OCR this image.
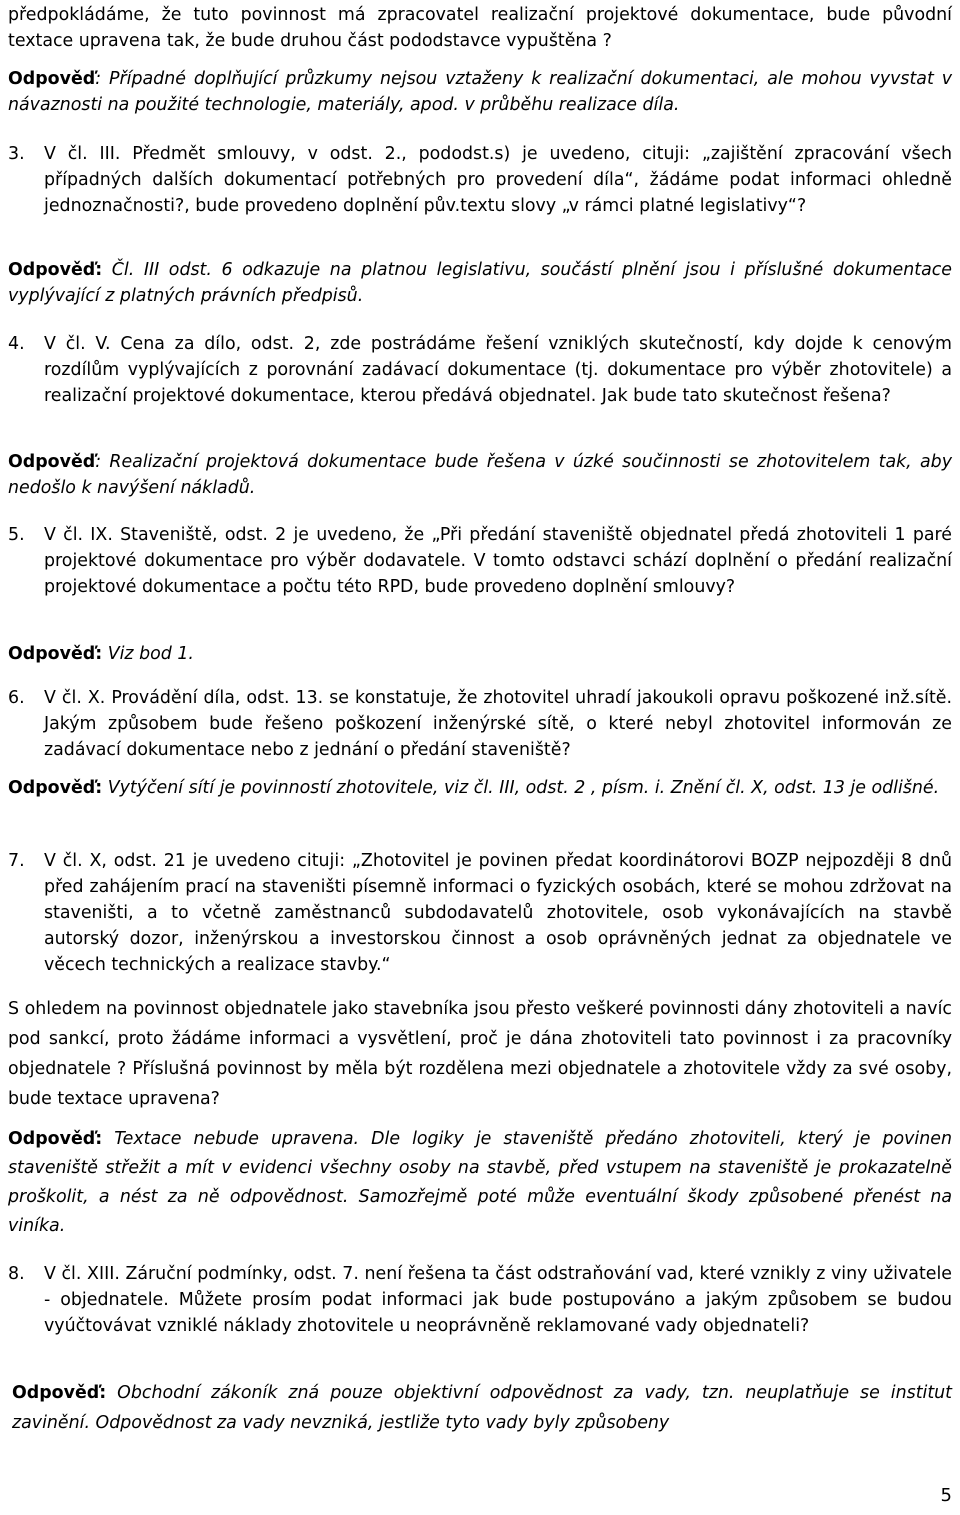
předpokládáme, že tuto povinnost má zpracovatel realizační projektové dokumentace, bude původní textace upravena tak, že bude druhou část pododstavce vypuštěna ?

Odpověď: Případné doplňující průzkumy nejsou vztaženy k realizační dokumentaci, ale mohou vyvstat v návaznosti na použité technologie, materiály, apod. v průběhu realizace díla.

3.	V čl. III. Předmět smlouvy, v odst. 2., pododst.s) je uvedeno, cituji: „zajištění zpracování všech případných dalších dokumentací potřebných pro provedení díla“, žádáme podat informaci ohledně jednoznačnosti?, bude provedeno doplnění pův.textu slovy „v rámci platné legislativy“?

Odpověď: Čl. III odst. 6 odkazuje na platnou legislativu, součástí plnění jsou i příslušné dokumentace vyplývající z platných právních předpisů.

4.	V čl. V. Cena za dílo, odst. 2, zde postrádáme řešení vzniklých skutečností, kdy dojde k cenovým rozdílům vyplývajících z porovnání zadávací dokumentace (tj. dokumentace pro výběr zhotovitele) a realizační projektové dokumentace, kterou předává objednatel. Jak bude tato skutečnost řešena?

Odpověď: Realizační projektová dokumentace bude řešena v úzké součinnosti se zhotovitelem tak, aby nedošlo k navýšení nákladů.

5.	V čl. IX. Staveniště, odst. 2 je uvedeno, že „Při předání staveniště objednatel předá zhotoviteli 1 paré projektové dokumentace pro výběr dodavatele. V tomto odstavci schází doplnění o předání realizační projektové dokumentace a počtu této RPD, bude provedeno doplnění smlouvy?

Odpověď: Viz bod 1.

6.	V čl. X. Provádění díla, odst. 13. se konstatuje, že zhotovitel uhradí jakoukoli opravu poškozené inž.sítě. Jakým způsobem bude řešeno poškození inženýrské sítě, o které nebyl zhotovitel informován ze zadávací dokumentace nebo z jednání o předání staveniště?

Odpověď: Vytýčení sítí je povinností zhotovitele, viz čl. III, odst. 2 , písm. i. Znění čl. X, odst. 13 je odlišné.

7.	V čl. X, odst. 21 je uvedeno cituji: „Zhotovitel je povinen předat koordinátorovi BOZP nejpozději 8 dnů před zahájením prací na staveništi písemně informaci o fyzických osobách, které se mohou zdržovat na staveništi, a to včetně zaměstnanců subdodavatelů zhotovitele, osob vykonávajících na stavbě autorský dozor, inženýrskou a investorskou činnost a osob oprávněných jednat za objednatele ve věcech technických a realizace stavby.“

S ohledem na povinnost objednatele jako stavebníka jsou přesto veškeré povinnosti dány zhotoviteli a navíc pod sankcí, proto žádáme informaci a vysvětlení, proč je dána zhotoviteli tato povinnost i za pracovníky objednatele ? Příslušná povinnost by měla být rozdělena mezi objednatele a zhotovitele vždy za své osoby, bude textace upravena?

Odpověď: Textace nebude upravena. Dle logiky je staveniště předáno zhotoviteli, který je povinen staveniště střežit a mít v evidenci všechny osoby na stavbě, před vstupem na staveniště je prokazatelně proškolit, a nést za ně odpovědnost. Samozřejmě poté může eventuální škody způsobené přenést na viníka.

8.	V čl. XIII. Záruční podmínky, odst. 7. není řešena ta část odstraňování vad, které vznikly z viny uživatele - objednatele. Můžete prosím podat informaci jak bude postupováno a jakým způsobem se budou vyúčtovávat vzniklé náklady zhotovitele u neoprávněně reklamované vady objednateli?

Odpověď: Obchodní zákoník zná pouze objektivní odpovědnost za vady, tzn. neuplatňuje se institut zavinění. Odpovědnost za vady nevzniká, jestliže tyto vady byly způsobeny

5
